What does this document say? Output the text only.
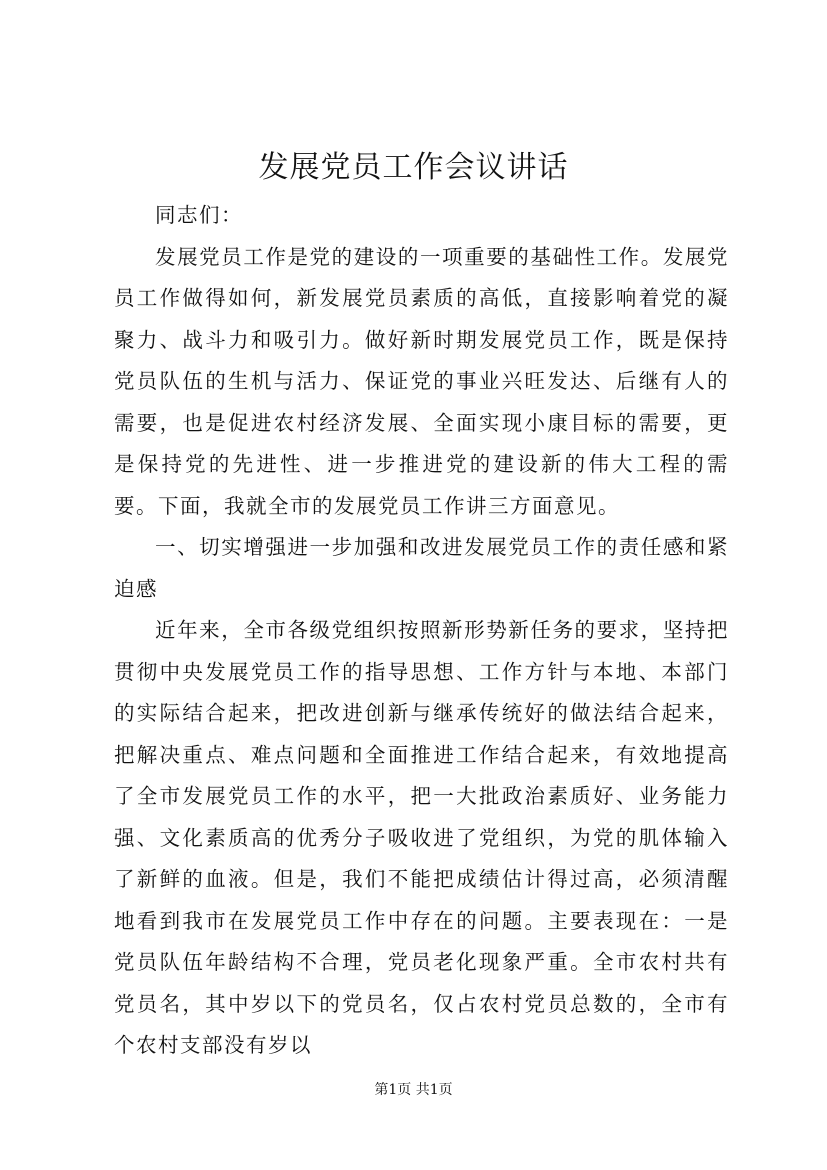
发展党员工作会议讲话

同志们：

发展党员工作是党的建设的一项重要的基础性工作。发展党员工作做得如何，新发展党员素质的高低，直接影响着党的凝聚力、战斗力和吸引力。做好新时期发展党员工作，既是保持党员队伍的生机与活力、保证党的事业兴旺发达、后继有人的需要，也是促进农村经济发展、全面实现小康目标的需要，更是保持党的先进性、进一步推进党的建设新的伟大工程的需要。下面，我就全市的发展党员工作讲三方面意见。

一、切实增强进一步加强和改进发展党员工作的责任感和紧迫感

近年来，全市各级党组织按照新形势新任务的要求，坚持把贯彻中央发展党员工作的指导思想、工作方针与本地、本部门的实际结合起来，把改进创新与继承传统好的做法结合起来，把解决重点、难点问题和全面推进工作结合起来，有效地提高了全市发展党员工作的水平，把一大批政治素质好、业务能力强、文化素质高的优秀分子吸收进了党组织，为党的肌体输入了新鲜的血液。但是，我们不能把成绩估计得过高，必须清醒地看到我市在发展党员工作中存在的问题。主要表现在：一是党员队伍年龄结构不合理，党员老化现象严重。全市农村共有党员名，其中岁以下的党员名，仅占农村党员总数的，全市有个农村支部没有岁以

第1页 共1页
